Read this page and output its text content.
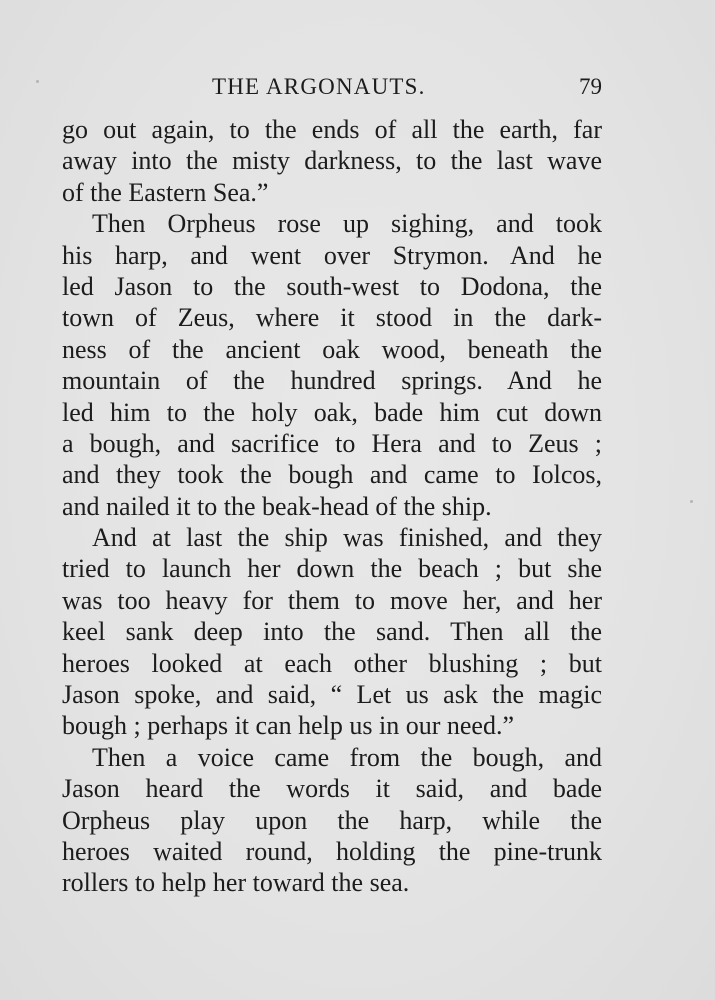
THE ARGONAUTS.	79
go out again, to the ends of all the earth, far
away into the misty darkness, to the last wave
of the Eastern Sea.”
Then Orpheus rose up sighing, and took
his harp, and went over Strymon. And he
led Jason to the south-west to Dodona, the
town of Zeus, where it stood in the dark-
ness of the ancient oak wood, beneath the
mountain of the hundred springs. And he
led him to the holy oak, bade him cut down
a bough, and sacrifice to Hera and to Zeus ;
and they took the bough and came to Iolcos,
and nailed it to the beak-head of the ship.
And at last the ship was finished, and they
tried to launch her down the beach ; but she
was too heavy for them to move her, and her
keel sank deep into the sand. Then all the
heroes looked at each other blushing ; but
Jason spoke, and said, “ Let us ask the magic
bough ; perhaps it can help us in our need.”
Then a voice came from the bough, and
Jason heard the words it said, and bade
Orpheus play upon the harp, while the
heroes waited round, holding the pine-trunk
rollers to help her toward the sea.
